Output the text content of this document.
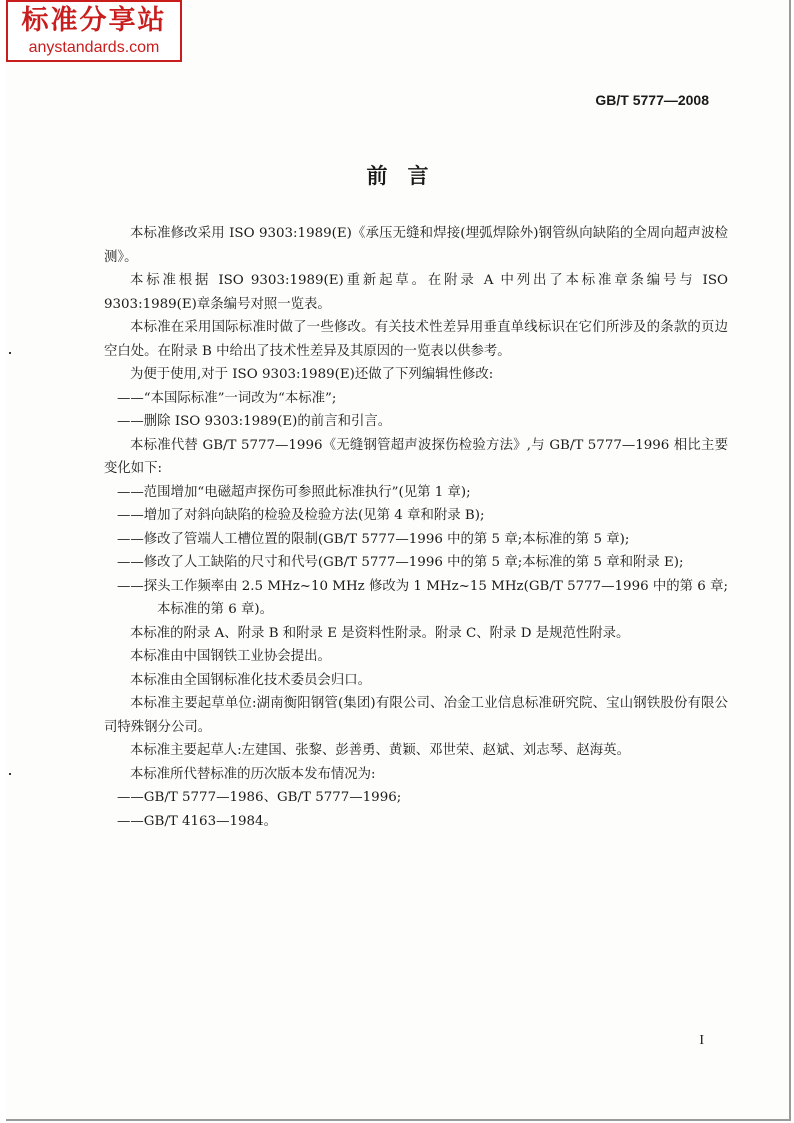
标准分享站
anystandards.com
GB/T 5777—2008
前言

本标准修改采用 ISO 9303:1989(E)《承压无缝和焊接(埋弧焊除外)钢管纵向缺陷的全周向超声波检测》。

本标准根据 ISO 9303:1989(E)重新起草。在附录 A 中列出了本标准章条编号与 ISO 9303:1989(E)章条编号对照一览表。

本标准在采用国际标准时做了一些修改。有关技术性差异用垂直单线标识在它们所涉及的条款的页边空白处。在附录 B 中给出了技术性差异及其原因的一览表以供参考。

为便于使用,对于 ISO 9303:1989(E)还做了下列编辑性修改:

——“本国际标准”一词改为“本标准”;

——删除 ISO 9303:1989(E)的前言和引言。

本标准代替 GB/T 5777—1996《无缝钢管超声波探伤检验方法》,与 GB/T 5777—1996 相比主要变化如下:

——范围增加“电磁超声探伤可参照此标准执行”(见第 1 章);

——增加了对斜向缺陷的检验及检验方法(见第 4 章和附录 B);

——修改了管端人工槽位置的限制(GB/T 5777—1996 中的第 5 章;本标准的第 5 章);

——修改了人工缺陷的尺寸和代号(GB/T 5777—1996 中的第 5 章;本标准的第 5 章和附录 E);

——探头工作频率由 2.5 MHz~10 MHz 修改为 1 MHz~15 MHz(GB/T 5777—1996 中的第 6 章;本标准的第 6 章)。

本标准的附录 A、附录 B 和附录 E 是资料性附录。附录 C、附录 D 是规范性附录。

本标准由中国钢铁工业协会提出。

本标准由全国钢标准化技术委员会归口。

本标准主要起草单位:湖南衡阳钢管(集团)有限公司、冶金工业信息标准研究院、宝山钢铁股份有限公司特殊钢分公司。

本标准主要起草人:左建国、张黎、彭善勇、黄颖、邓世荣、赵斌、刘志琴、赵海英。

本标准所代替标准的历次版本发布情况为:

——GB/T 5777—1986、GB/T 5777—1996;

——GB/T 4163—1984。

I
